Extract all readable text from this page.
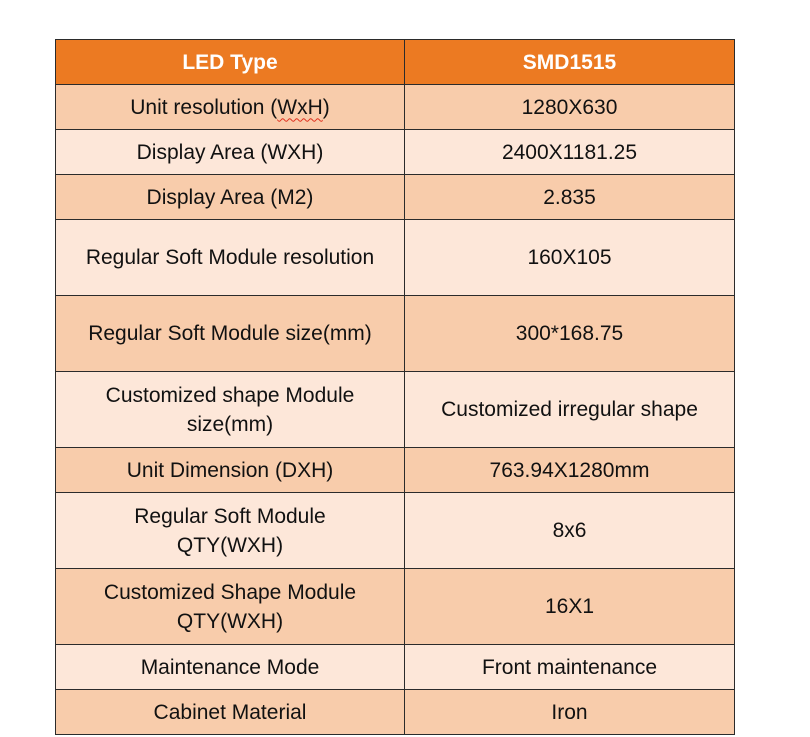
LED Type	SMD1515
Unit resolution (WxH)	1280X630
Display Area (WXH)	2400X1181.25
Display Area (M2)	2.835
Regular Soft Module resolution	160X105
Regular Soft Module size(mm)	300*168.75
Customized shape Module
size(mm)	Customized irregular shape
Unit Dimension (DXH)	763.94X1280mm
Regular Soft Module
QTY(WXH)	8x6
Customized Shape Module
QTY(WXH)	16X1
Maintenance Mode	Front maintenance
Cabinet Material	Iron
